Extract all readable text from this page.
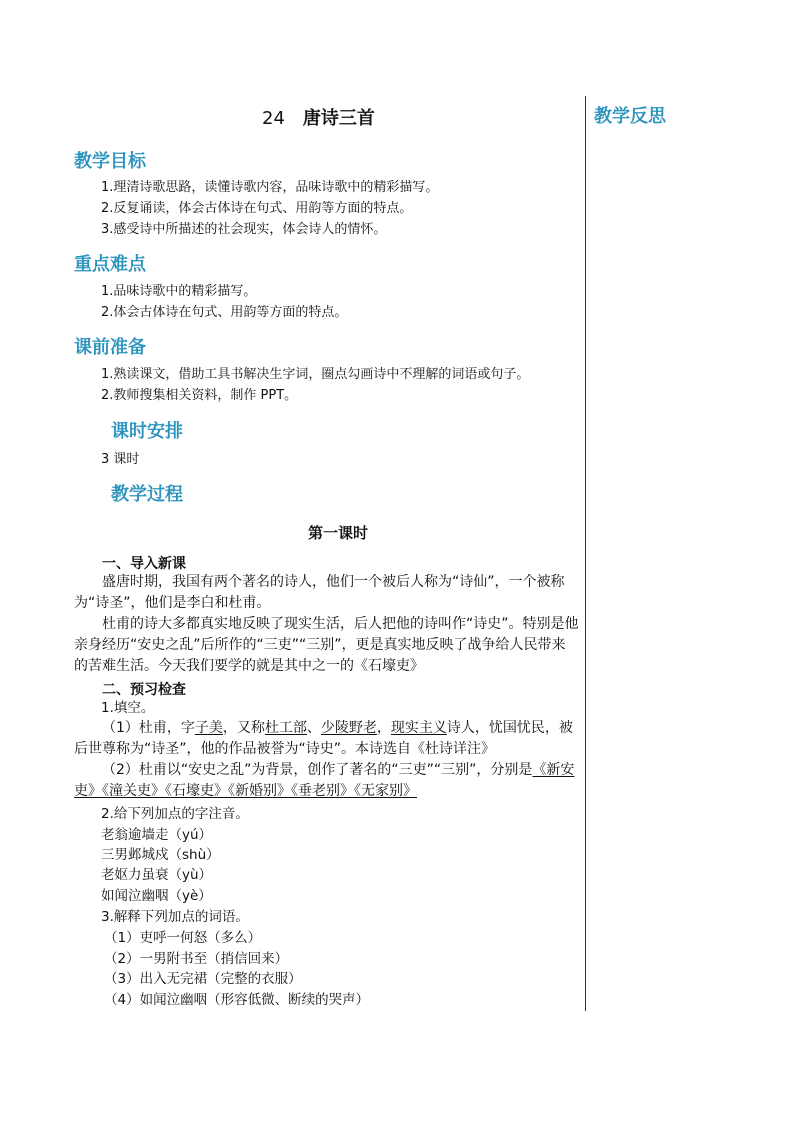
教学反思
24 唐诗三首
教学目标
1.理清诗歌思路，读懂诗歌内容，品味诗歌中的精彩描写。
2.反复诵读，体会古体诗在句式、用韵等方面的特点。
3.感受诗中所描述的社会现实，体会诗人的情怀。
重点难点
1.品味诗歌中的精彩描写。
2.体会古体诗在句式、用韵等方面的特点。
课前准备
1.熟读课文，借助工具书解决生字词，圈点勾画诗中不理解的词语或句子。
2.教师搜集相关资料，制作 PPT。
课时安排
3 课时
教学过程
第一课时
一、导入新课
盛唐时期，我国有两个著名的诗人，他们一个被后人称为“诗仙”，一个被称为“诗圣”，他们是李白和杜甫。
杜甫的诗大多都真实地反映了现实生活，后人把他的诗叫作“诗史”。特别是他亲身经历“安史之乱”后所作的“三吏”“三别”，更是真实地反映了战争给人民带来的苦难生活。今天我们要学的就是其中之一的《石壕吏》
二、预习检查
1.填空。
（1）杜甫，字子美，又称杜工部、少陵野老，现实主义诗人，忧国忧民，被后世尊称为“诗圣”，他的作品被誉为“诗史”。本诗选自《杜诗详注》
（2）杜甫以“安史之乱”为背景，创作了著名的“三吏”“三别”，分别是《新安吏》《潼关吏》《石壕吏》《新婚别》《垂老别》《无家别》
2.给下列加点的字注音。
老翁逾墙走（yú）
三男邺城戍（shù）
老妪力虽衰（yù）
如闻泣幽咽（yè）
3.解释下列加点的词语。
（1）吏呼一何怒（多么）
（2）一男附书至（捎信回来）
（3）出入无完裙（完整的衣服）
（4）如闻泣幽咽（形容低微、断续的哭声）
